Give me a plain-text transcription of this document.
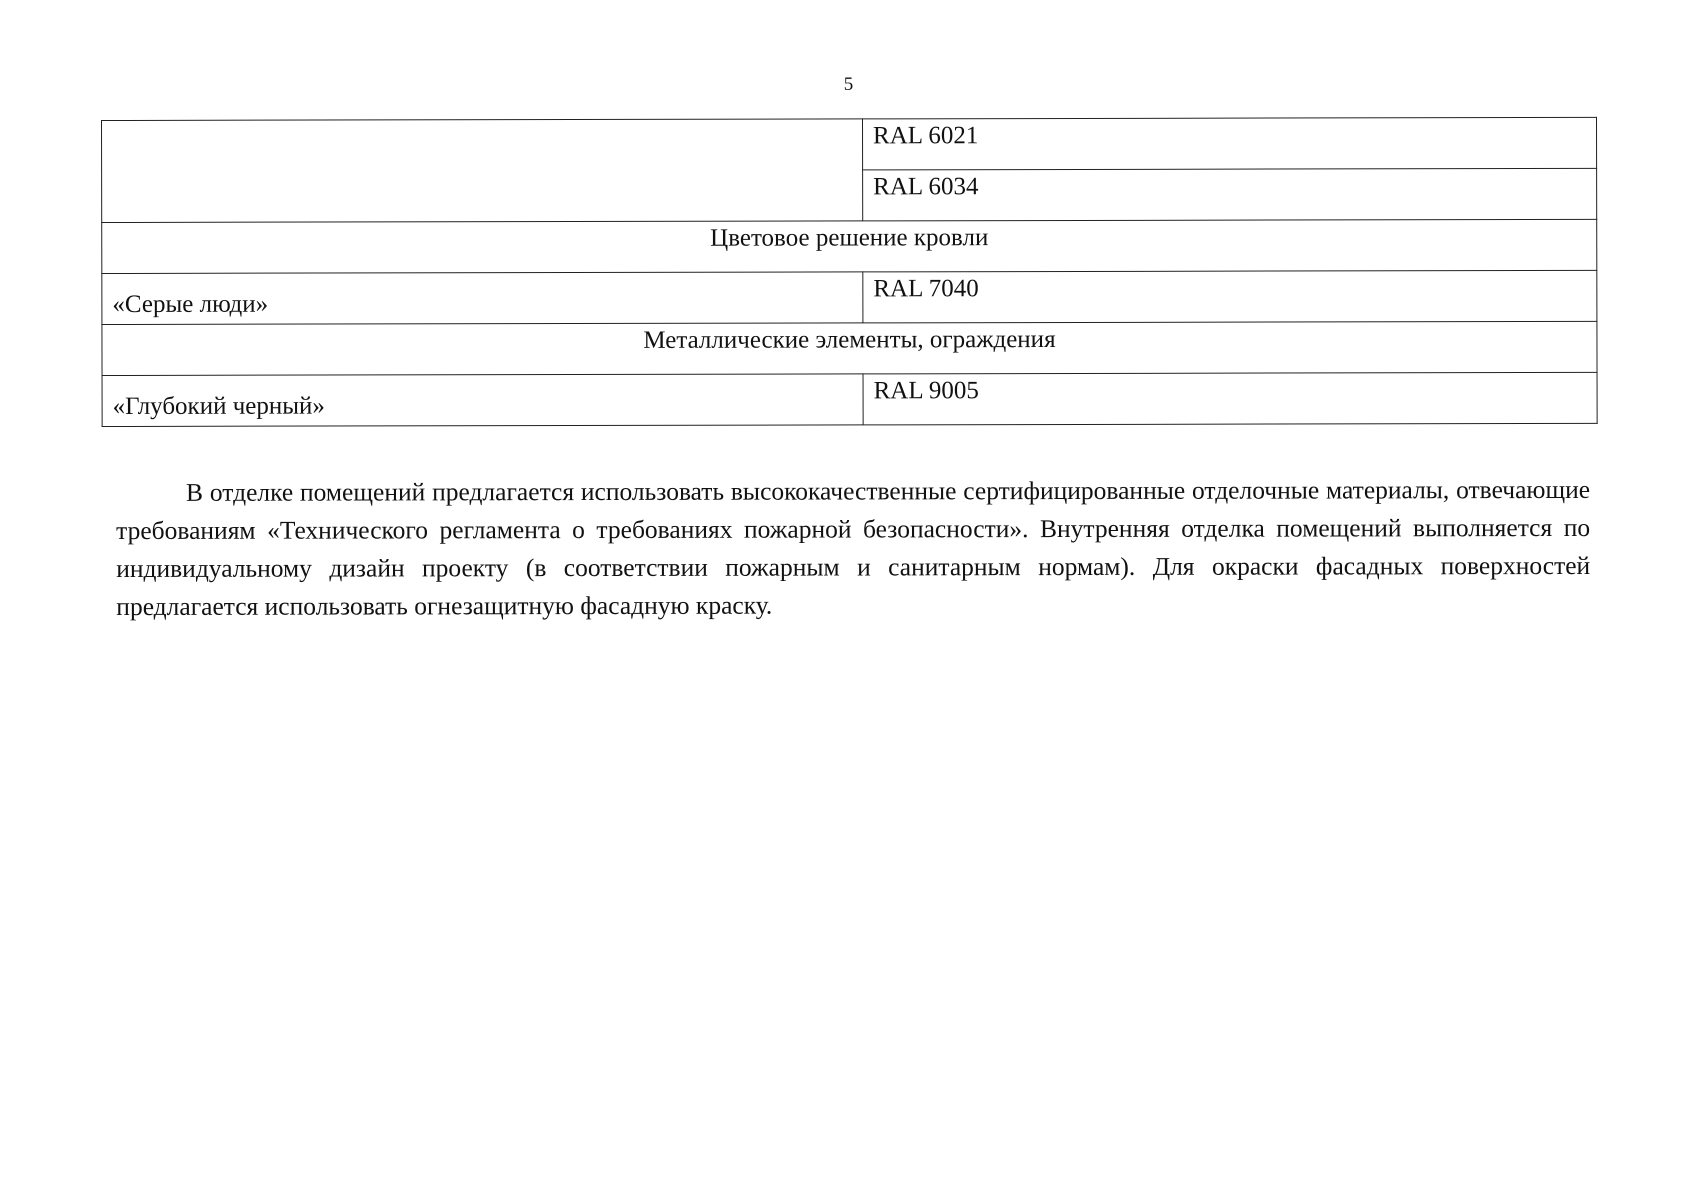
5
	RAL 6021
	RAL 6034
Цветовое решение кровли	
«Серые люди»	RAL 7040
Металлические элементы, ограждения	
«Глубокий черный»	RAL 9005

В отделке помещений предлагается использовать высококачественные сертифицированные отделочные материалы, отвечающие требованиям «Технического регламента о требованиях пожарной безопасности». Внутренняя отделка помещений выполняется по индивидуальному дизайн проекту (в соответствии пожарным и санитарным нормам). Для окраски фасадных поверхностей предлагается использовать огнезащитную фасадную краску.
